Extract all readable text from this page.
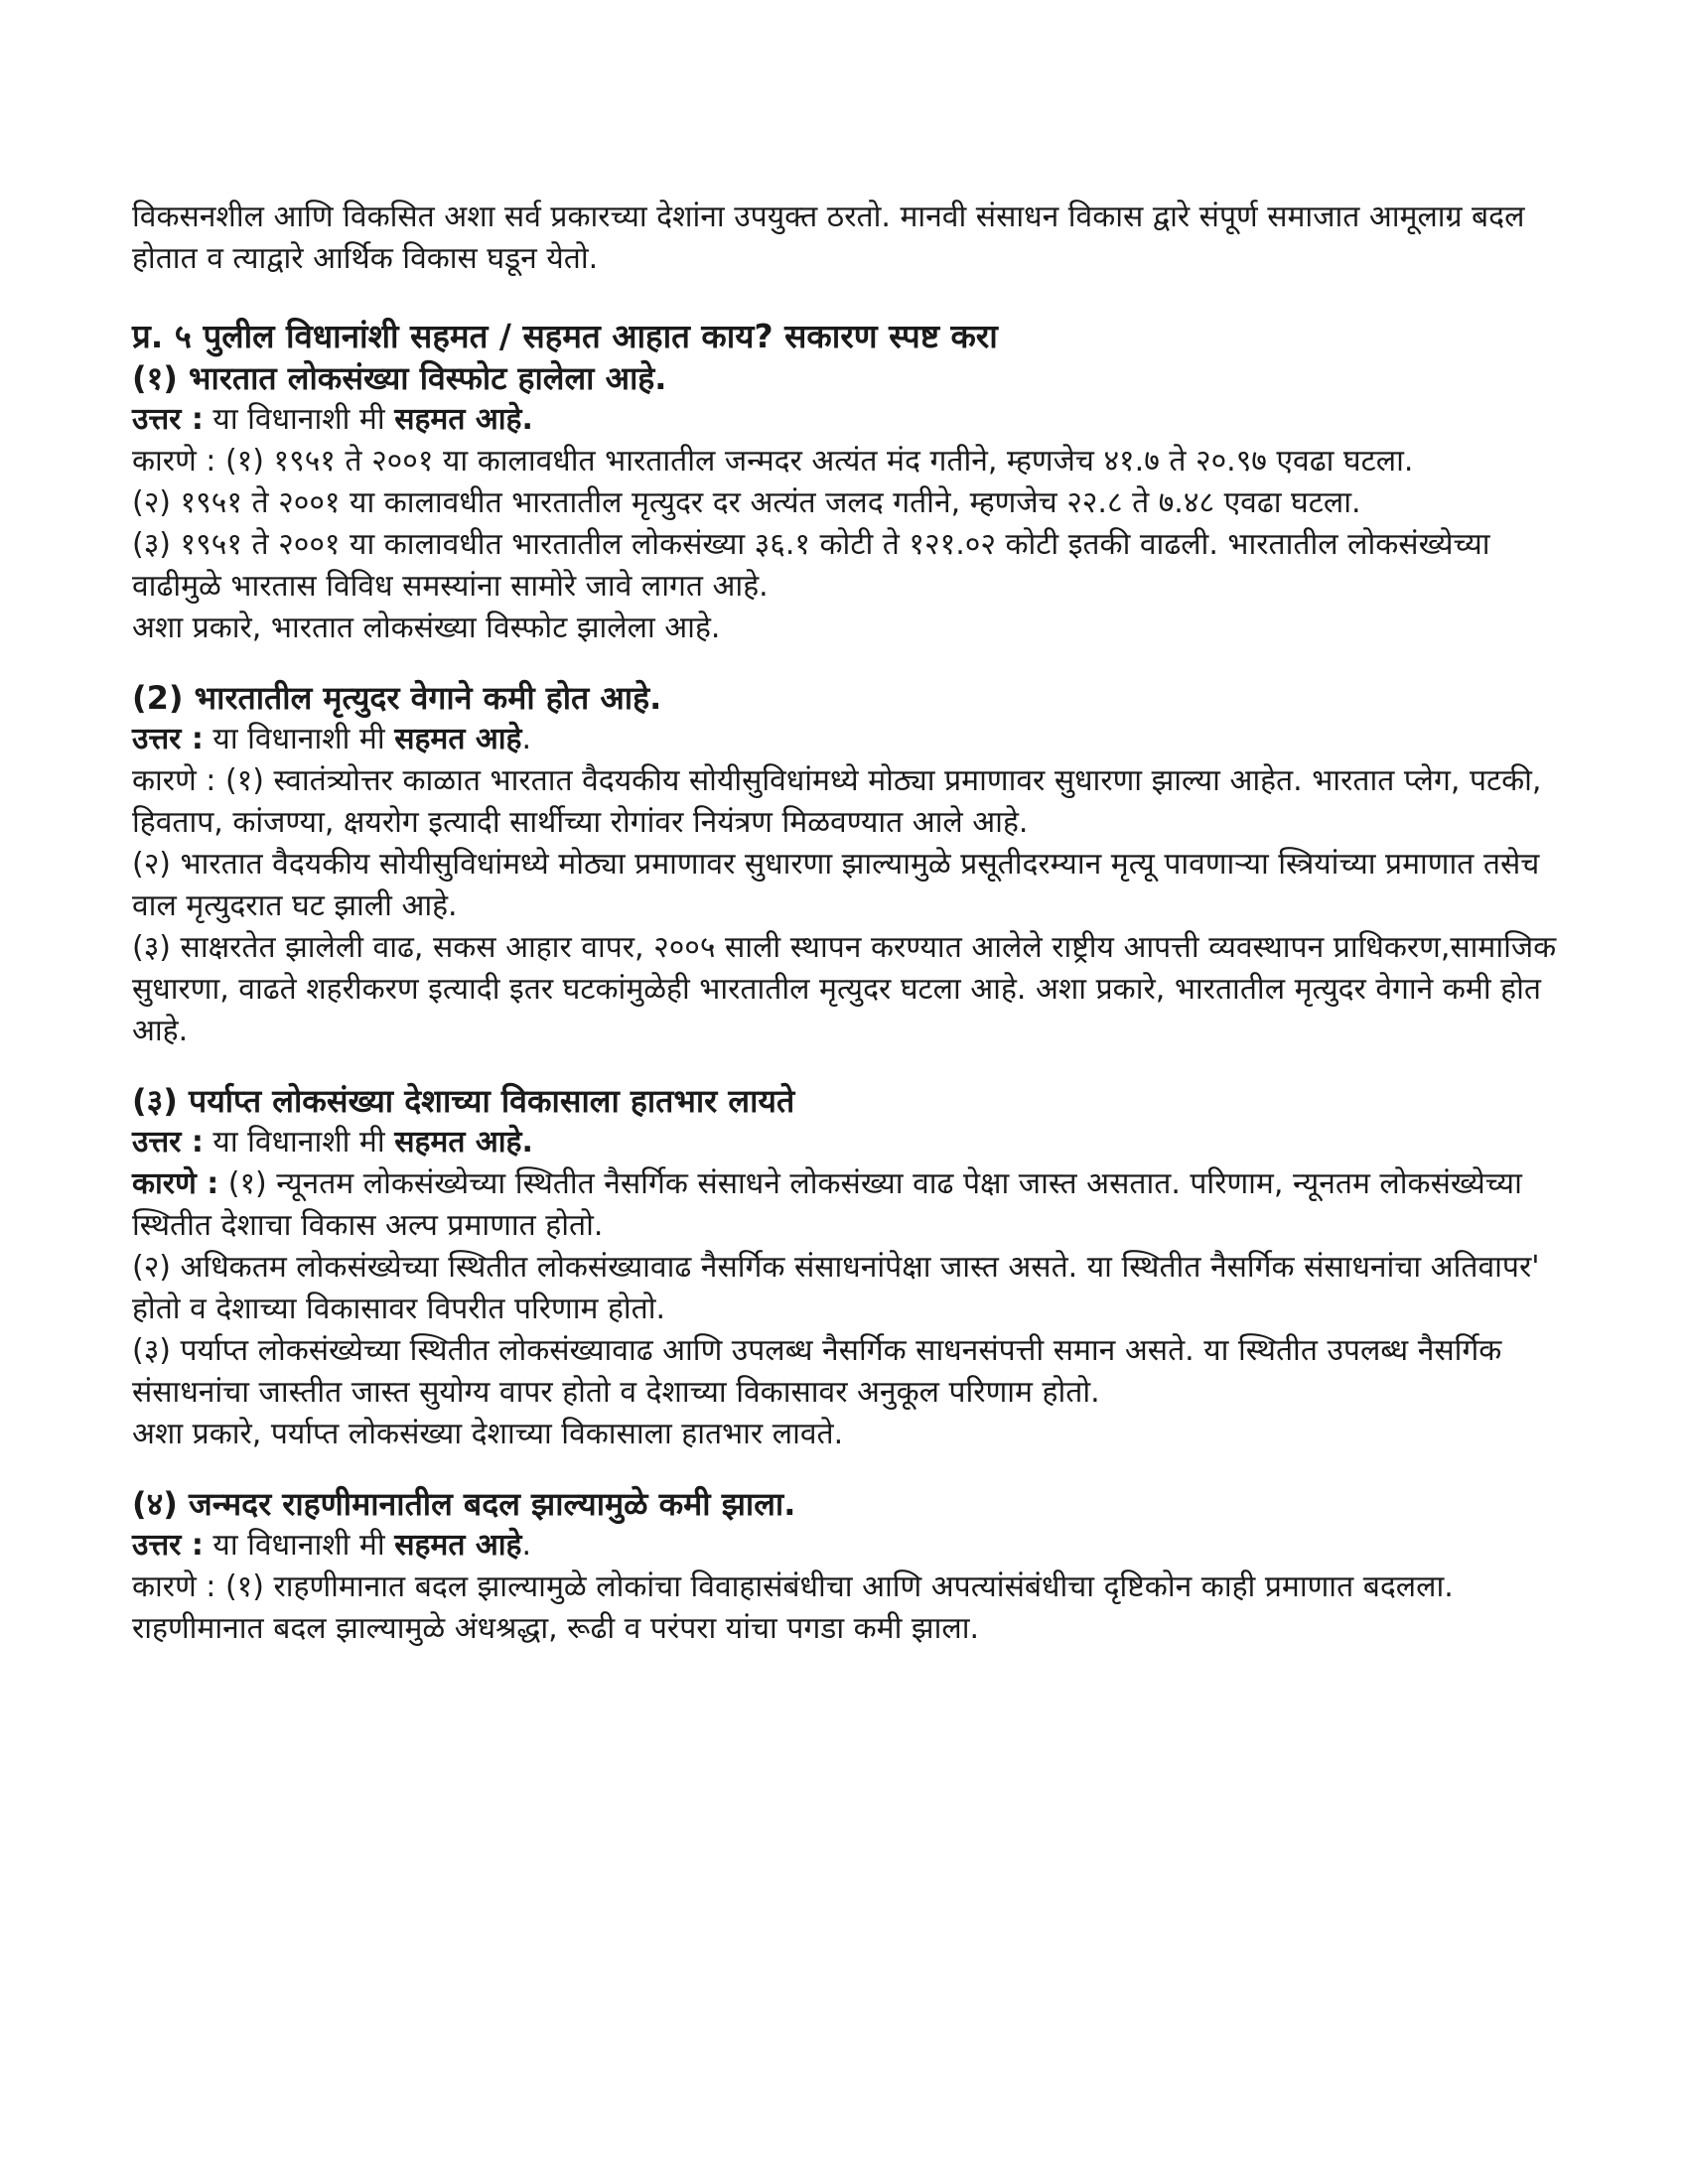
विकसनशील आणि विकसित अशा सर्व प्रकारच्या देशांना उपयुक्त ठरतो. मानवी संसाधन विकास द्वारे संपूर्ण समाजात आमूलाग्र बदल होतात व त्याद्वारे आर्थिक विकास घडून येतो.

प्र. ५ पुलील विधानांशी सहमत / सहमत आहात काय? सकारण स्पष्ट करा

(१) भारतात लोकसंख्या विस्फोट हालेला आहे.

उत्तर : या विधानाशी मी सहमत आहे.

कारणे : (१) १९५१ ते २००१ या कालावधीत भारतातील जन्मदर अत्यंत मंद गतीने, म्हणजेच ४१.७ ते २०.९७ एवढा घटला.

(२) १९५१ ते २००१ या कालावधीत भारतातील मृत्युदर दर अत्यंत जलद गतीने, म्हणजेच २२.८ ते ७.४८ एवढा घटला.

(३) १९५१ ते २००१ या कालावधीत भारतातील लोकसंख्या ३६.१ कोटी ते १२१.०२ कोटी इतकी वाढली. भारतातील लोकसंख्येच्या वाढीमुळे भारतास विविध समस्यांना सामोरे जावे लागत आहे.

अशा प्रकारे, भारतात लोकसंख्या विस्फोट झालेला आहे.

(2) भारतातील मृत्युदर वेगाने कमी होत आहे.

उत्तर : या विधानाशी मी सहमत आहे.

कारणे : (१) स्वातंत्र्योत्तर काळात भारतात वैदयकीय सोयीसुविधांमध्ये मोठ्या प्रमाणावर सुधारणा झाल्या आहेत. भारतात प्लेग, पटकी, हिवताप, कांजण्या, क्षयरोग इत्यादी सार्थीच्या रोगांवर नियंत्रण मिळवण्यात आले आहे.

(२) भारतात वैदयकीय सोयीसुविधांमध्ये मोठ्या प्रमाणावर सुधारणा झाल्यामुळे प्रसूतीदरम्यान मृत्यू पावणाऱ्या स्त्रियांच्या प्रमाणात तसेच वाल मृत्युदरात घट झाली आहे.

(३) साक्षरतेत झालेली वाढ, सकस आहार वापर, २००५ साली स्थापन करण्यात आलेले राष्ट्रीय आपत्ती व्यवस्थापन प्राधिकरण,सामाजिक सुधारणा, वाढते शहरीकरण इत्यादी इतर घटकांमुळेही भारतातील मृत्युदर घटला आहे. अशा प्रकारे, भारतातील मृत्युदर वेगाने कमी होत आहे.

(३) पर्याप्त लोकसंख्या देशाच्या विकासाला हातभार लायते

उत्तर : या विधानाशी मी सहमत आहे.

कारणे : (१) न्यूनतम लोकसंख्येच्या स्थितीत नैसर्गिक संसाधने लोकसंख्या वाढ पेक्षा जास्त असतात. परिणाम, न्यूनतम लोकसंख्येच्या स्थितीत देशाचा विकास अल्प प्रमाणात होतो.

(२) अधिकतम लोकसंख्येच्या स्थितीत लोकसंख्यावाढ नैसर्गिक संसाधनांपेक्षा जास्त असते. या स्थितीत नैसर्गिक संसाधनांचा अतिवापर' होतो व देशाच्या विकासावर विपरीत परिणाम होतो.

(३) पर्याप्त लोकसंख्येच्या स्थितीत लोकसंख्यावाढ आणि उपलब्ध नैसर्गिक साधनसंपत्ती समान असते. या स्थितीत उपलब्ध नैसर्गिक संसाधनांचा जास्तीत जास्त सुयोग्य वापर होतो व देशाच्या विकासावर अनुकूल परिणाम होतो.

अशा प्रकारे, पर्याप्त लोकसंख्या देशाच्या विकासाला हातभार लावते.

(४) जन्मदर राहणीमानातील बदल झाल्यामुळे कमी झाला.

उत्तर : या विधानाशी मी सहमत आहे.

कारणे : (१) राहणीमानात बदल झाल्यामुळे लोकांचा विवाहासंबंधीचा आणि अपत्यांसंबंधीचा दृष्टिकोन काही प्रमाणात बदलला. राहणीमानात बदल झाल्यामुळे अंधश्रद्धा, रूढी व परंपरा यांचा पगडा कमी झाला.
